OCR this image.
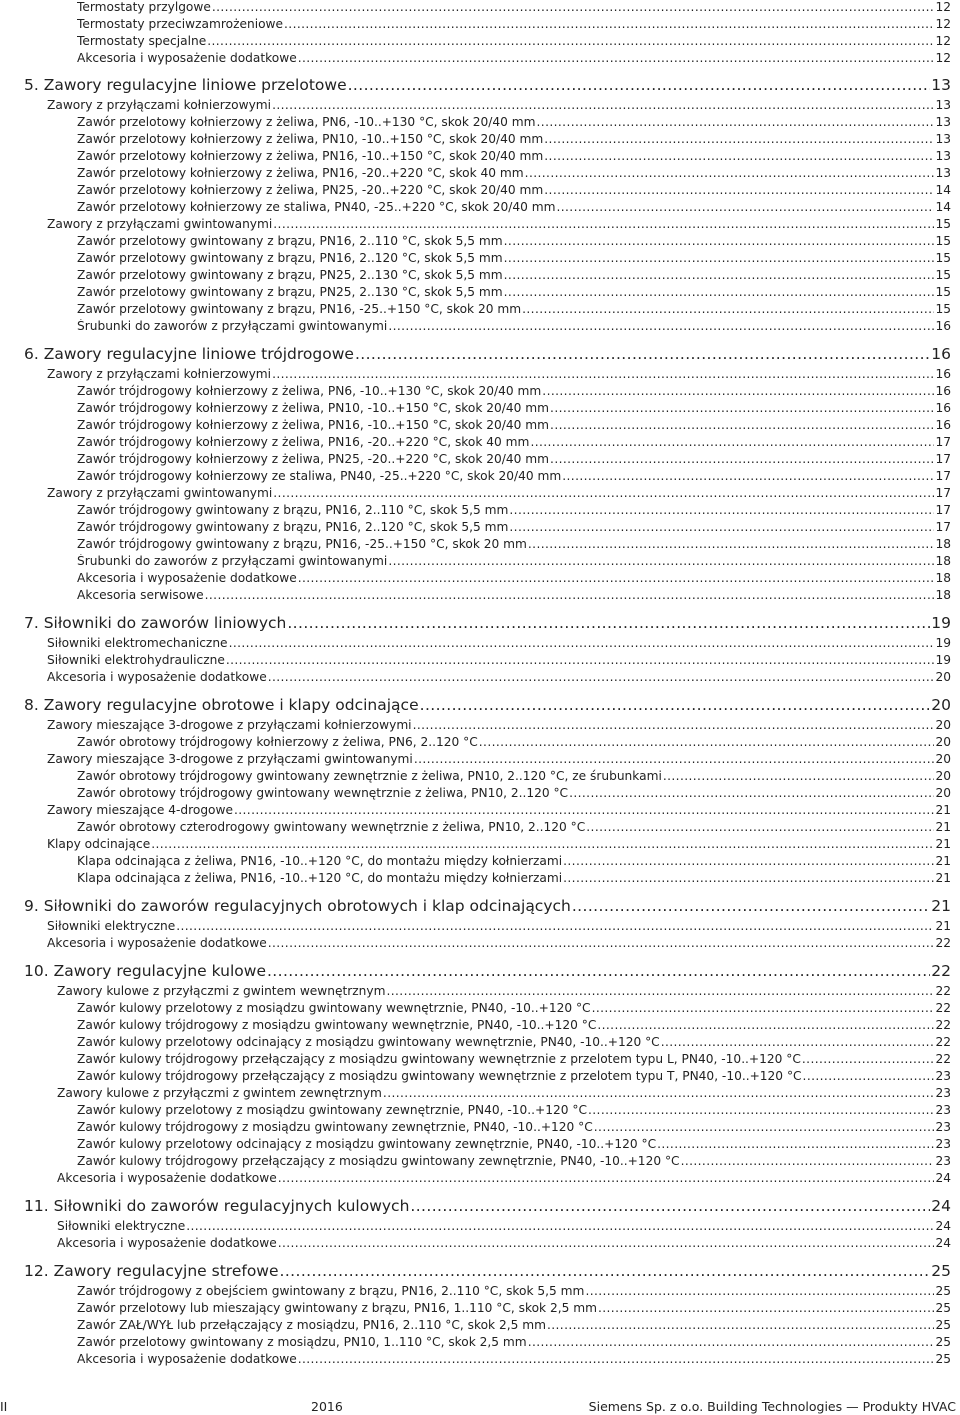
Termostaty przylgowe .....	12
Termostaty przeciwzamrożeniowe .....	12
Termostaty specjalne .....	12
Akcesoria i wyposażenie dodatkowe .....	12
5. Zawory regulacyjne liniowe przelotowe .....	13
Zawory z przyłączami kołnierzowymi .....	13
Zawór przelotowy kołnierzowy z żeliwa, PN6, -10..+130 °C, skok 20/40 mm .....	13
Zawór przelotowy kołnierzowy z żeliwa, PN10, -10..+150 °C, skok 20/40 mm .....	13
Zawór przelotowy kołnierzowy z żeliwa, PN16, -10..+150 °C, skok 20/40 mm .....	13
Zawór przelotowy kołnierzowy z żeliwa, PN16, -20..+220 °C, skok 40 mm .....	13
Zawór przelotowy kołnierzowy z żeliwa, PN25, -20..+220 °C, skok 20/40 mm .....	14
Zawór przelotowy kołnierzowy ze staliwa, PN40, -25..+220 °C, skok 20/40 mm .....	14
Zawory z przyłączami gwintowanymi .....	15
Zawór przelotowy gwintowany z brązu, PN16, 2..110 °C, skok 5,5 mm .....	15
Zawór przelotowy gwintowany z brązu, PN16, 2..120 °C, skok 5,5 mm .....	15
Zawór przelotowy gwintowany z brązu, PN25, 2..130 °C, skok 5,5 mm .....	15
Zawór przelotowy gwintowany z brązu, PN25, 2..130 °C, skok 5,5 mm .....	15
Zawór przelotowy gwintowany z brązu, PN16, -25..+150 °C, skok 20 mm .....	15
Śrubunki do zaworów z przyłączami gwintowanymi .....	16
6. Zawory regulacyjne liniowe trójdrogowe .....	16
Zawory z przyłączami kołnierzowymi .....	16
Zawór trójdrogowy kołnierzowy z żeliwa, PN6, -10..+130 °C, skok 20/40 mm .....	16
Zawór trójdrogowy kołnierzowy z żeliwa, PN10, -10..+150 °C, skok 20/40 mm .....	16
Zawór trójdrogowy kołnierzowy z żeliwa, PN16, -10..+150 °C, skok 20/40 mm .....	16
Zawór trójdrogowy kołnierzowy z żeliwa, PN16, -20..+220 °C, skok 40 mm .....	17
Zawór trójdrogowy kołnierzowy z żeliwa, PN25, -20..+220 °C, skok 20/40 mm .....	17
Zawór trójdrogowy kołnierzowy ze staliwa, PN40, -25..+220 °C, skok 20/40 mm .....	17
Zawory z przyłączami gwintowanymi .....	17
Zawór trójdrogowy gwintowany z brązu, PN16, 2..110 °C, skok 5,5 mm .....	17
Zawór trójdrogowy gwintowany z brązu, PN16, 2..120 °C, skok 5,5 mm .....	17
Zawór trójdrogowy gwintowany z brązu, PN16, -25..+150 °C, skok 20 mm .....	18
Śrubunki do zaworów z przyłączami gwintowanymi .....	18
Akcesoria i wyposażenie dodatkowe .....	18
Akcesoria serwisowe .....	18
7. Siłowniki do zaworów liniowych .....	19
Siłowniki elektromechaniczne .....	19
Siłowniki elektrohydrauliczne .....	19
Akcesoria i wyposażenie dodatkowe .....	20
8. Zawory regulacyjne obrotowe i klapy odcinające .....	20
Zawory mieszające 3-drogowe z przyłączami kołnierzowymi .....	20
Zawór obrotowy trójdrogowy kołnierzowy z żeliwa, PN6, 2..120 °C .....	20
Zawory mieszające 3-drogowe z przyłączami gwintowanymi .....	20
Zawór obrotowy trójdrogowy gwintowany zewnętrznie z żeliwa, PN10, 2..120 °C, ze śrubunkami .....	20
Zawór obrotowy trójdrogowy gwintowany wewnętrznie z żeliwa, PN10, 2..120 °C .....	20
Zawory mieszające 4-drogowe .....	21
Zawór obrotowy czterodrogowy gwintowany wewnętrznie z żeliwa, PN10, 2..120 °C .....	21
Klapy odcinające .....	21
Klapa odcinająca z żeliwa, PN16, -10..+120 °C, do montażu między kołnierzami .....	21
Klapa odcinająca z żeliwa, PN16, -10..+120 °C, do montażu między kołnierzami .....	21
9. Siłowniki do zaworów regulacyjnych obrotowych i klap odcinających .....	21
Siłowniki elektryczne .....	21
Akcesoria i wyposażenie dodatkowe .....	22
10. Zawory regulacyjne kulowe .....	22
Zawory kulowe z przyłączmi z gwintem wewnętrznym .....	22
Zawór kulowy przelotowy z mosiądzu gwintowany wewnętrznie, PN40, -10..+120 °C .....	22
Zawór kulowy trójdrogowy z mosiądzu gwintowany wewnętrznie, PN40, -10..+120 °C .....	22
Zawór kulowy przelotowy odcinający z mosiądzu gwintowany wewnętrznie, PN40, -10..+120 °C .....	22
Zawór kulowy trójdrogowy przełączający z mosiądzu gwintowany wewnętrznie z przelotem typu L, PN40, -10..+120 °C .....	22
Zawór kulowy trójdrogowy przełączający z mosiądzu gwintowany wewnętrznie z przelotem typu T, PN40, -10..+120 °C .....	23
Zawory kulowe z przyłączmi z gwintem zewnętrznym .....	23
Zawór kulowy przelotowy z mosiądzu gwintowany zewnętrznie, PN40, -10..+120 °C .....	23
Zawór kulowy trójdrogowy z mosiądzu gwintowany zewnętrznie, PN40, -10..+120 °C .....	23
Zawór kulowy przelotowy odcinający z mosiądzu gwintowany zewnętrznie, PN40, -10..+120 °C .....	23
Zawór kulowy trójdrogowy przełączający z mosiądzu gwintowany zewnętrznie, PN40, -10..+120 °C .....	23
Akcesoria i wyposażenie dodatkowe .....	24
11. Siłowniki do zaworów regulacyjnych kulowych .....	24
Siłowniki elektryczne .....	24
Akcesoria i wyposażenie dodatkowe .....	24
12. Zawory regulacyjne strefowe .....	25
Zawór trójdrogowy z obejściem gwintowany z brązu, PN16, 2..110 °C, skok 5,5 mm .....	25
Zawór przelotowy lub mieszający gwintowany z brązu, PN16, 1..110 °C, skok 2,5 mm .....	25
Zawór ZAŁ/WYŁ lub przełączający z mosiądzu, PN16, 2..110 °C, skok 2,5 mm .....	25
Zawór przelotowy gwintowany z mosiądzu, PN10, 1..110 °C, skok 2,5 mm .....	25
Akcesoria i wyposażenie dodatkowe .....	25
II	2016	Siemens Sp. z o.o. Building Technologies — Produkty HVAC
